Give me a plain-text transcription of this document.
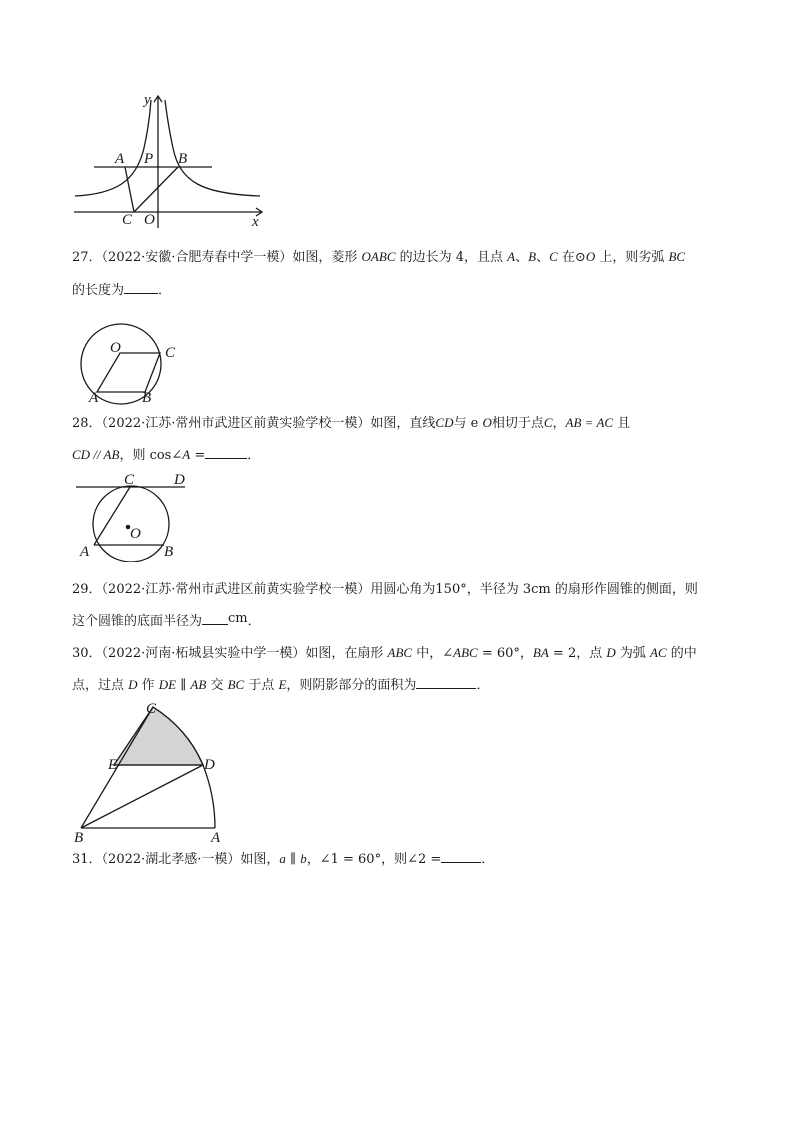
y
A P B
C O	x
27．（2022·安徽·合肥寿春中学一模）如图，菱形 OABC 的边长为 4，且点 A、B、C 在⊙O 上，则劣弧 BC
的长度为	．
O	C
A	B
28．（2022·江苏·常州市武进区前黄实验学校一模）如图，直线CD与 e O相切于点C，AB = AC 且
CD // AB，则 cos∠A =	．
C	D
O
A	B
29．（2022·江苏·常州市武进区前黄实验学校一模）用圆心角为150°，半径为 3cm 的扇形作圆锥的侧面，则
这个圆锥的底面半径为 cm．
30．（2022·河南·柘城县实验中学一模）如图，在扇形 ABC 中，∠ABC = 60°，BA = 2，点 D 为弧 AC 的中
点，过点 D 作 DE ∥ AB 交 BC 于点 E，则阴影部分的面积为	．
C
E	D
B	A
31．（2022·湖北孝感·一模）如图，a ∥ b，∠1 = 60°，则∠2 =	．
